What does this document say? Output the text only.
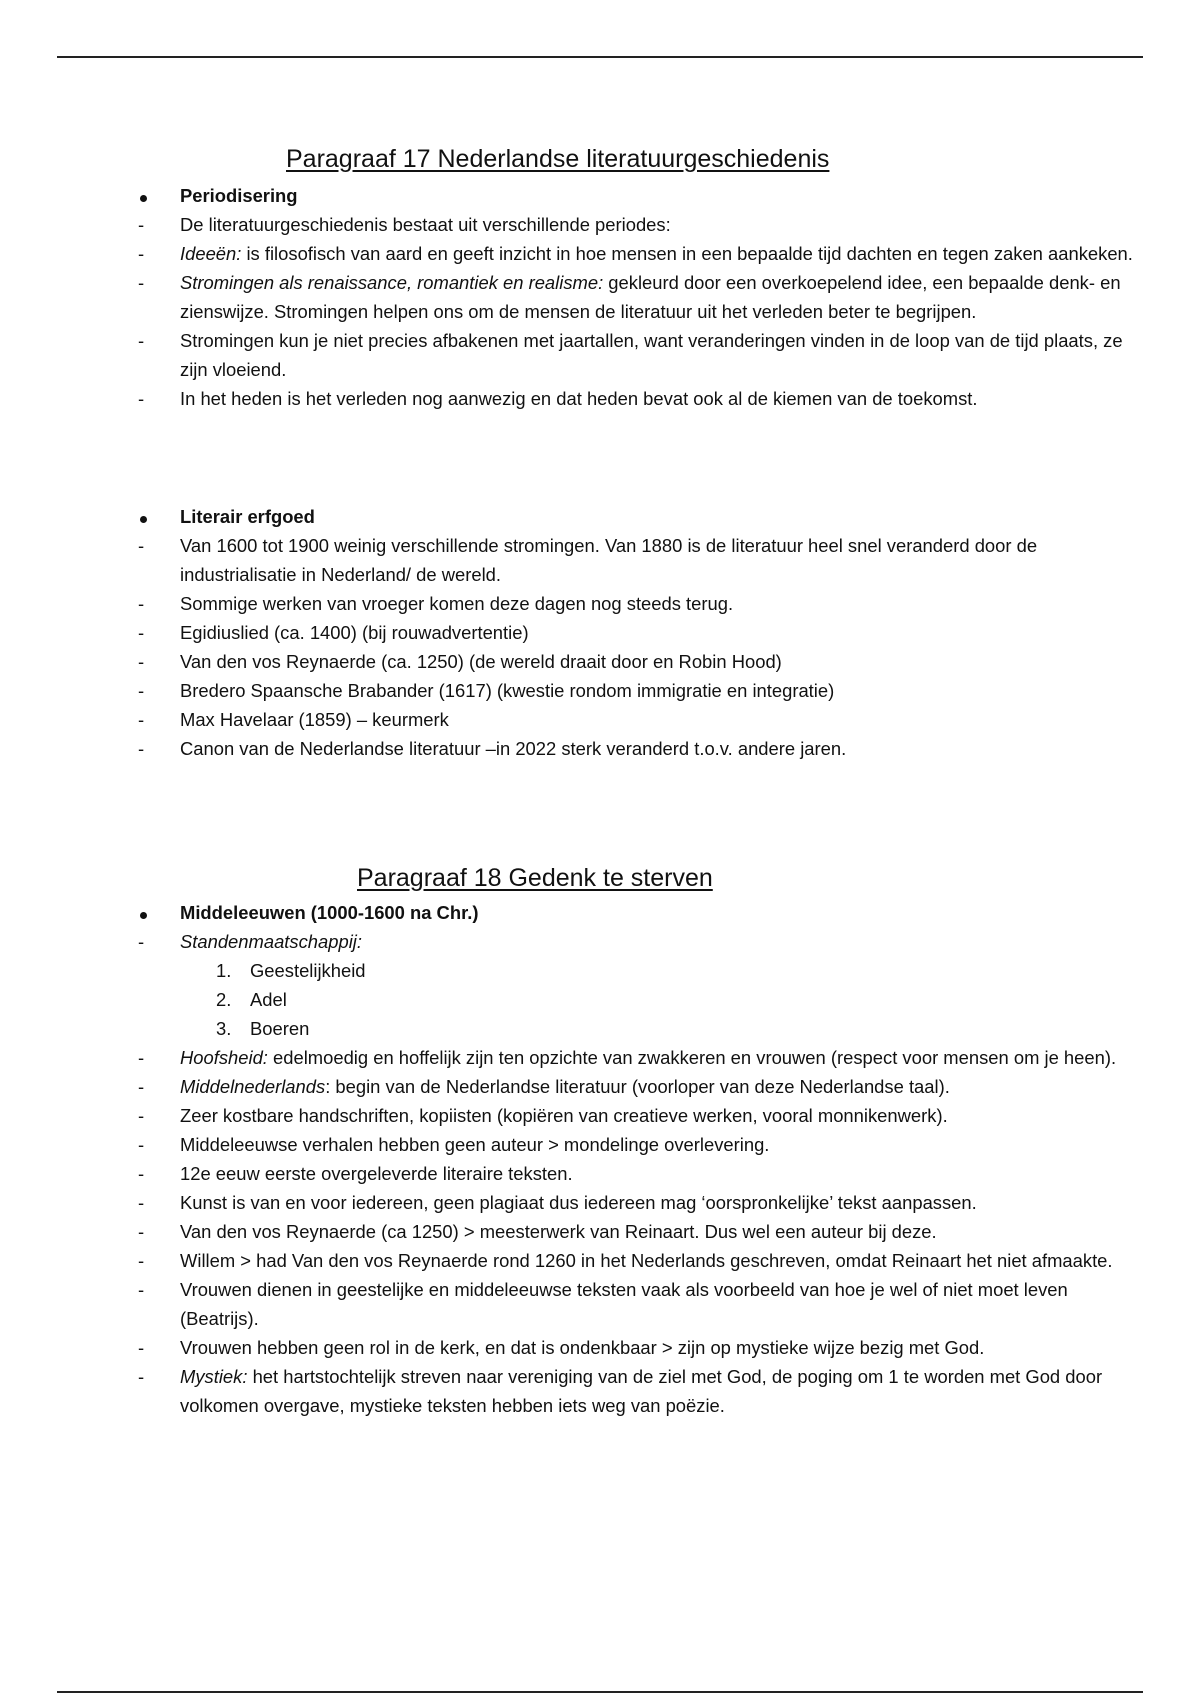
Paragraaf 17 Nederlandse literatuurgeschiedenis
Periodisering
-	De literatuurgeschiedenis bestaat uit verschillende periodes:
-	Ideeën: is filosofisch van aard en geeft inzicht in hoe mensen in een bepaalde tijd dachten en tegen zaken aankeken.
-	Stromingen als renaissance, romantiek en realisme: gekleurd door een overkoepelend idee, een bepaalde denk- en zienswijze. Stromingen helpen ons om de mensen de literatuur uit het verleden beter te begrijpen.
-	Stromingen kun je niet precies afbakenen met jaartallen, want veranderingen vinden in de loop van de tijd plaats, ze zijn vloeiend.
-	In het heden is het verleden nog aanwezig en dat heden bevat ook al de kiemen van de toekomst.
Literair erfgoed
-	Van 1600 tot 1900 weinig verschillende stromingen. Van 1880 is de literatuur heel snel veranderd door de industrialisatie in Nederland/ de wereld.
-	Sommige werken van vroeger komen deze dagen nog steeds terug.
-	Egidiuslied (ca. 1400) (bij rouwadvertentie)
-	Van den vos Reynaerde (ca. 1250) (de wereld draait door en Robin Hood)
-	Bredero Spaansche Brabander (1617) (kwestie rondom immigratie en integratie)
-	Max Havelaar (1859) – keurmerk
-	Canon van de Nederlandse literatuur –in 2022 sterk veranderd t.o.v. andere jaren.
Paragraaf 18 Gedenk te sterven
Middeleeuwen (1000-1600 na Chr.)
-	Standenmaatschappij:
1. Geestelijkheid
2. Adel
3. Boeren
-	Hoofsheid: edelmoedig en hoffelijk zijn ten opzichte van zwakkeren en vrouwen (respect voor mensen om je heen).
-	Middelnederlands: begin van de Nederlandse literatuur (voorloper van deze Nederlandse taal).
-	Zeer kostbare handschriften, kopiisten (kopiëren van creatieve werken, vooral monnikenwerk).
-	Middeleeuwse verhalen hebben geen auteur > mondelinge overlevering.
-	12e eeuw eerste overgeleverde literaire teksten.
-	Kunst is van en voor iedereen, geen plagiaat dus iedereen mag ‘oorspronkelijke’ tekst aanpassen.
-	Van den vos Reynaerde (ca 1250) > meesterwerk van Reinaart. Dus wel een auteur bij deze.
-	Willem > had Van den vos Reynaerde rond 1260 in het Nederlands geschreven, omdat Reinaart het niet afmaakte.
-	Vrouwen dienen in geestelijke en middeleeuwse teksten vaak als voorbeeld van hoe je wel of niet moet leven (Beatrijs).
-	Vrouwen hebben geen rol in de kerk, en dat is ondenkbaar > zijn op mystieke wijze bezig met God.
-	Mystiek: het hartstochtelijk streven naar vereniging van de ziel met God, de poging om 1 te worden met God door volkomen overgave, mystieke teksten hebben iets weg van poëzie.
